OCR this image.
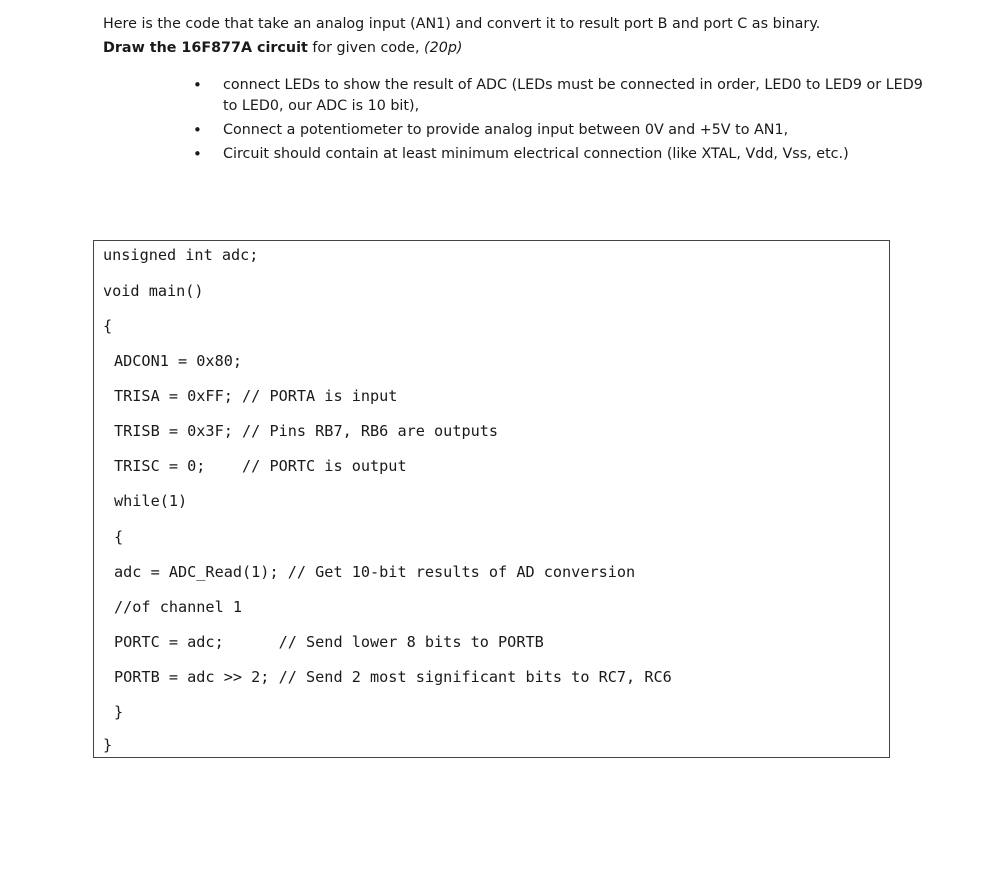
Here is the code that take an analog input (AN1) and convert it to result port B and port C as binary.

Draw the 16F877A circuit for given code, (20p)

• connect LEDs to show the result of ADC (LEDs must be connected in order, LED0 to LED9 or LED9 to LED0, our ADC is 10 bit),
• Connect a potentiometer to provide analog input between 0V and +5V to AN1,
• Circuit should contain at least minimum electrical connection (like XTAL, Vdd, Vss, etc.)
unsigned int adc;
void main()
{
ADCON1 = 0x80;
TRISA = 0xFF; // PORTA is input
TRISB = 0x3F; // Pins RB7, RB6 are outputs
TRISC = 0;    // PORTC is output
while(1)
{
adc = ADC_Read(1); // Get 10-bit results of AD conversion
//of channel 1
PORTC = adc;      // Send lower 8 bits to PORTB
PORTB = adc >> 2; // Send 2 most significant bits to RC7, RC6
}
}
